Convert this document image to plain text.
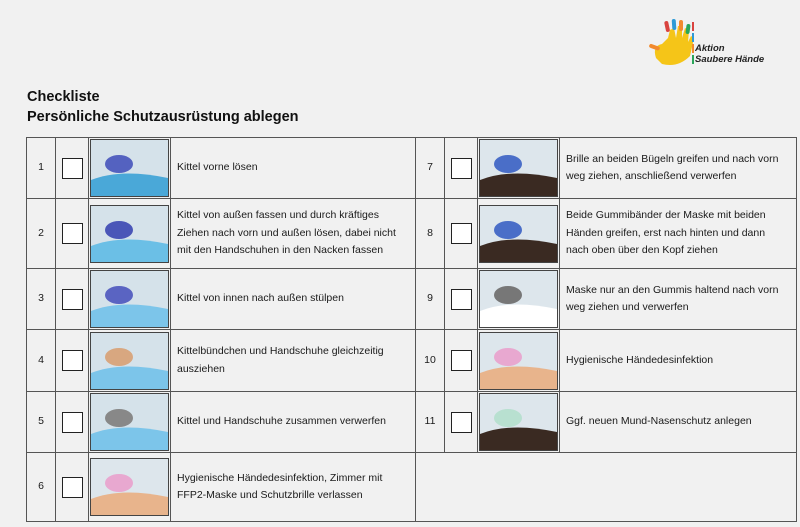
Aktion
Saubere Hände
Checkliste
Persönliche Schutzausrüstung ablegen
1			Kittel vorne lösen	7			Brille an beiden Bügeln greifen und nach vorn weg ziehen, anschließend verwerfen
2			Kittel von außen fassen und durch kräftiges Ziehen nach vorn und außen lösen, dabei nicht mit den Handschuhen in den Nacken fassen	8			Beide Gummibänder der Maske mit beiden Händen greifen, erst nach hinten und dann nach oben über den Kopf ziehen
3			Kittel von innen nach außen stülpen	9			Maske nur an den Gummis haltend nach vorn weg ziehen und verwerfen
4			Kittelbündchen und Handschuhe gleichzeitig ausziehen	10			Hygienische Händedesinfektion
5			Kittel und Handschuhe zusammen verwerfen	11			Ggf. neuen Mund-Nasenschutz anlegen
6			Hygienische Händedesinfektion, Zimmer mit FFP2-Maske und Schutzbrille verlassen				
